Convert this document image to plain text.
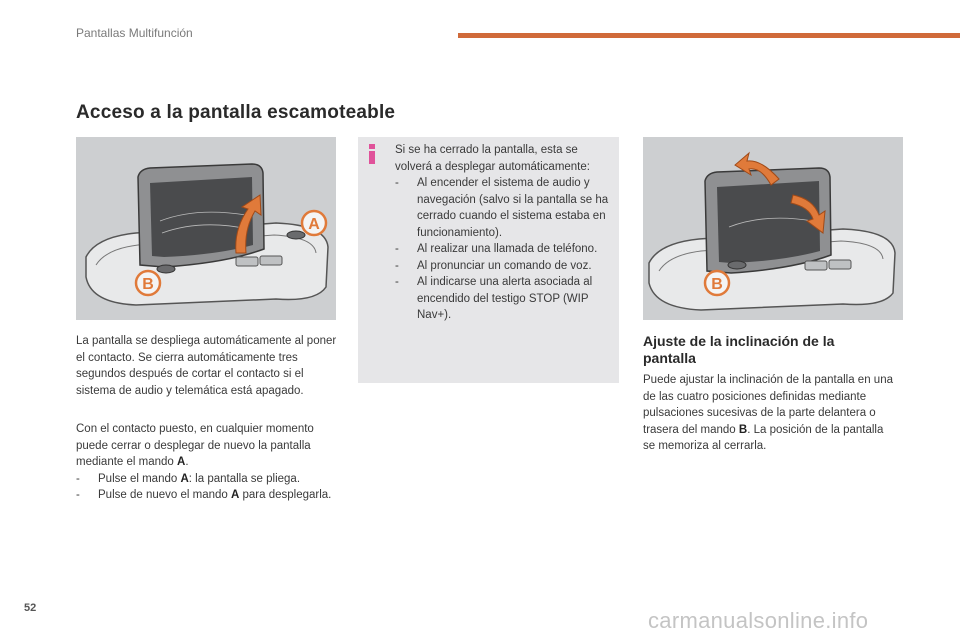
Pantallas Multifunción
Acceso a la pantalla escamoteable
A
B
Si se ha cerrado la pantalla, esta se volverá a desplegar automáticamente:
- Al encender el sistema de audio y navegación (salvo si la pantalla se ha cerrado cuando el sistema estaba en funcionamiento).
- Al realizar una llamada de teléfono.
- Al pronunciar un comando de voz.
- Al indicarse una alerta asociada al encendido del testigo STOP (WIP Nav+).
B
La pantalla se despliega automáticamente al poner el contacto. Se cierra automáticamente tres segundos después de cortar el contacto si el sistema de audio y telemática está apagado.
Con el contacto puesto, en cualquier momento puede cerrar o desplegar de nuevo la pantalla mediante el mando A.
- Pulse el mando A: la pantalla se pliega.
- Pulse de nuevo el mando A para desplegarla.
Ajuste de la inclinación de la pantalla
Puede ajustar la inclinación de la pantalla en una de las cuatro posiciones definidas mediante pulsaciones sucesivas de la parte delantera o trasera del mando B. La posición de la pantalla se memoriza al cerrarla.
52	carmanualsonline.info
